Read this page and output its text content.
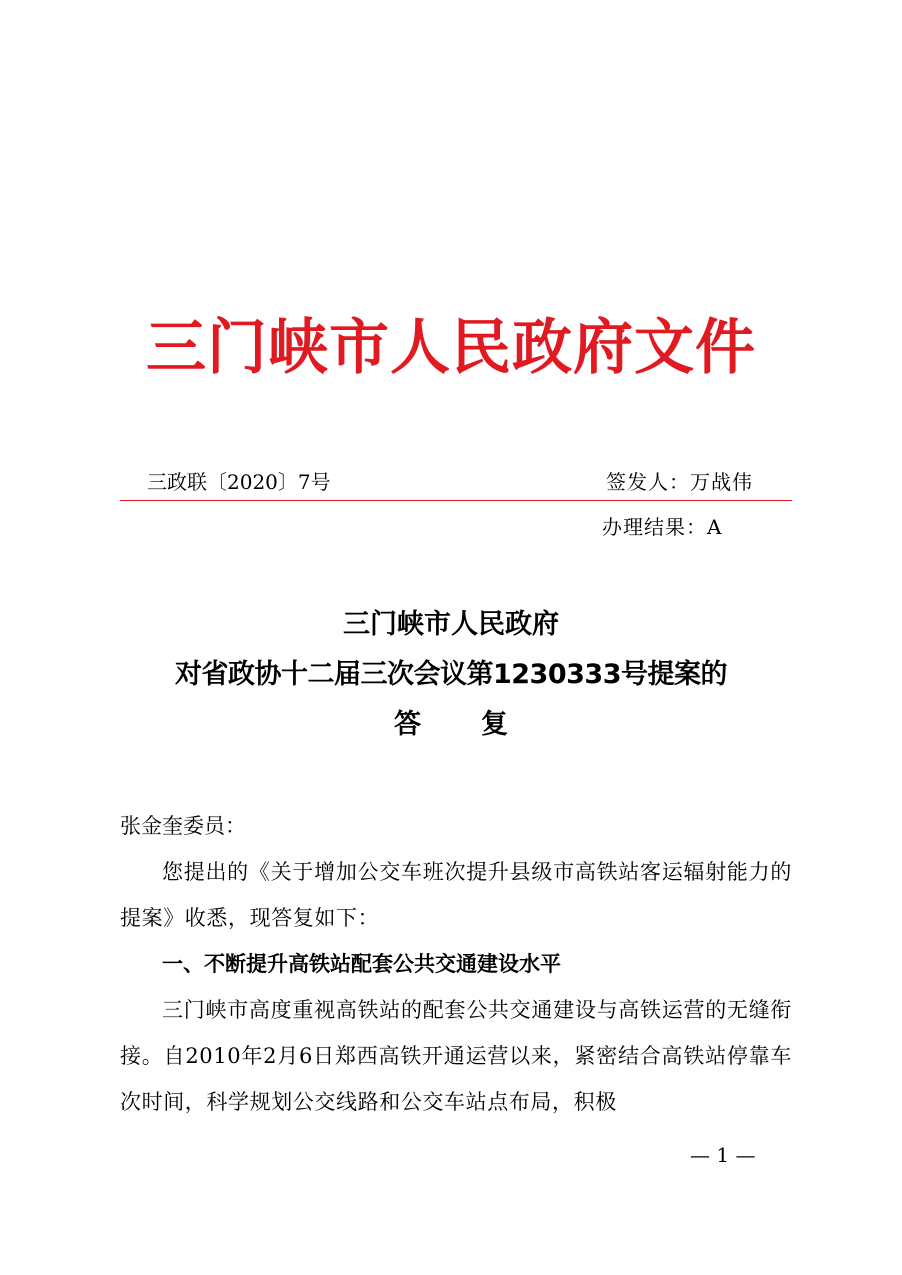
三门峡市人民政府文件
三政联〔2020〕7号	签发人：万战伟
办理结果：A
三门峡市人民政府
对省政协十二届三次会议第1230333号提案的
答复

张金奎委员：

您提出的《关于增加公交车班次提升县级市高铁站客运辐射能力的提案》收悉，现答复如下：

一、不断提升高铁站配套公共交通建设水平

三门峡市高度重视高铁站的配套公共交通建设与高铁运营的无缝衔接。自2010年2月6日郑西高铁开通运营以来，紧密结合高铁站停靠车次时间，科学规划公交线路和公交车站点布局，积极

— 1 —
